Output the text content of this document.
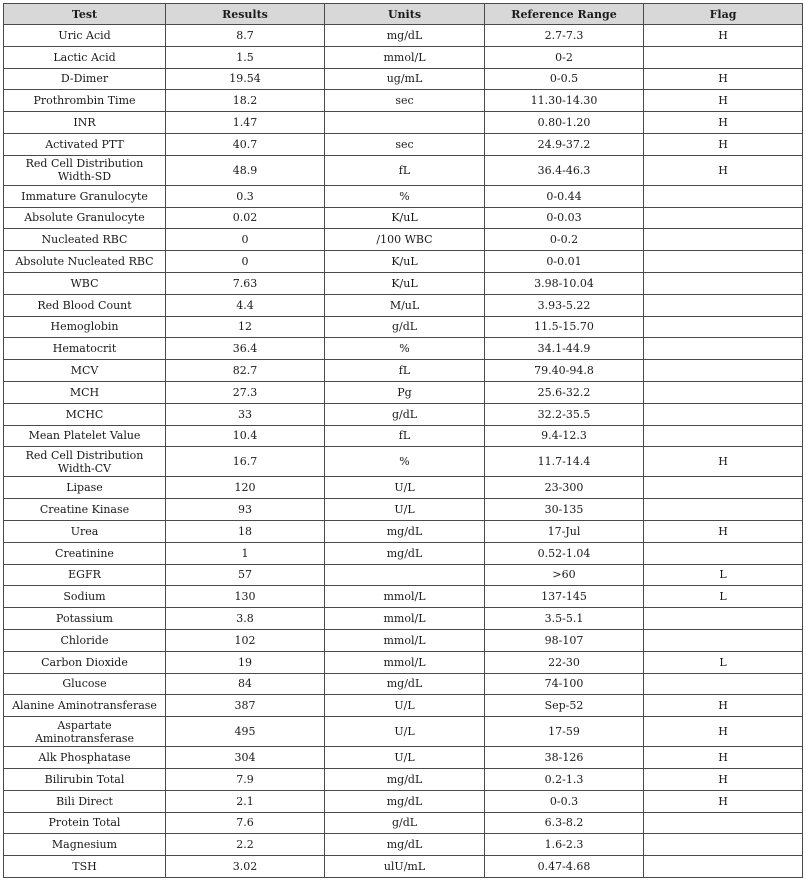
Test	Results	Units	Reference Range	Flag
Uric Acid	8.7	mg/dL	2.7-7.3	H
Lactic Acid	1.5	mmol/L	0-2	
D-Dimer	19.54	ug/mL	0-0.5	H
Prothrombin Time	18.2	sec	11.30-14.30	H
INR	1.47		0.80-1.20	H
Activated PTT	40.7	sec	24.9-37.2	H
Red Cell Distribution Width-SD	48.9	fL	36.4-46.3	H
Immature Granulocyte	0.3	%	0-0.44	
Absolute Granulocyte	0.02	K/uL	0-0.03	
Nucleated RBC	0	/100 WBC	0-0.2	
Absolute Nucleated RBC	0	K/uL	0-0.01	
WBC	7.63	K/uL	3.98-10.04	
Red Blood Count	4.4	M/uL	3.93-5.22	
Hemoglobin	12	g/dL	11.5-15.70	
Hematocrit	36.4	%	34.1-44.9	
MCV	82.7	fL	79.40-94.8	
MCH	27.3	Pg	25.6-32.2	
MCHC	33	g/dL	32.2-35.5	
Mean Platelet Value	10.4	fL	9.4-12.3	
Red Cell Distribution Width-CV	16.7	%	11.7-14.4	H
Lipase	120	U/L	23-300	
Creatine Kinase	93	U/L	30-135	
Urea	18	mg/dL	17-Jul	H
Creatinine	1	mg/dL	0.52-1.04	
EGFR	57		>60	L
Sodium	130	mmol/L	137-145	L
Potassium	3.8	mmol/L	3.5-5.1	
Chloride	102	mmol/L	98-107	
Carbon Dioxide	19	mmol/L	22-30	L
Glucose	84	mg/dL	74-100	
Alanine Aminotransferase	387	U/L	Sep-52	H
Aspartate Aminotransferase	495	U/L	17-59	H
Alk Phosphatase	304	U/L	38-126	H
Bilirubin Total	7.9	mg/dL	0.2-1.3	H
Bili Direct	2.1	mg/dL	0-0.3	H
Protein Total	7.6	g/dL	6.3-8.2	
Magnesium	2.2	mg/dL	1.6-2.3	
TSH	3.02	ulU/mL	0.47-4.68	
